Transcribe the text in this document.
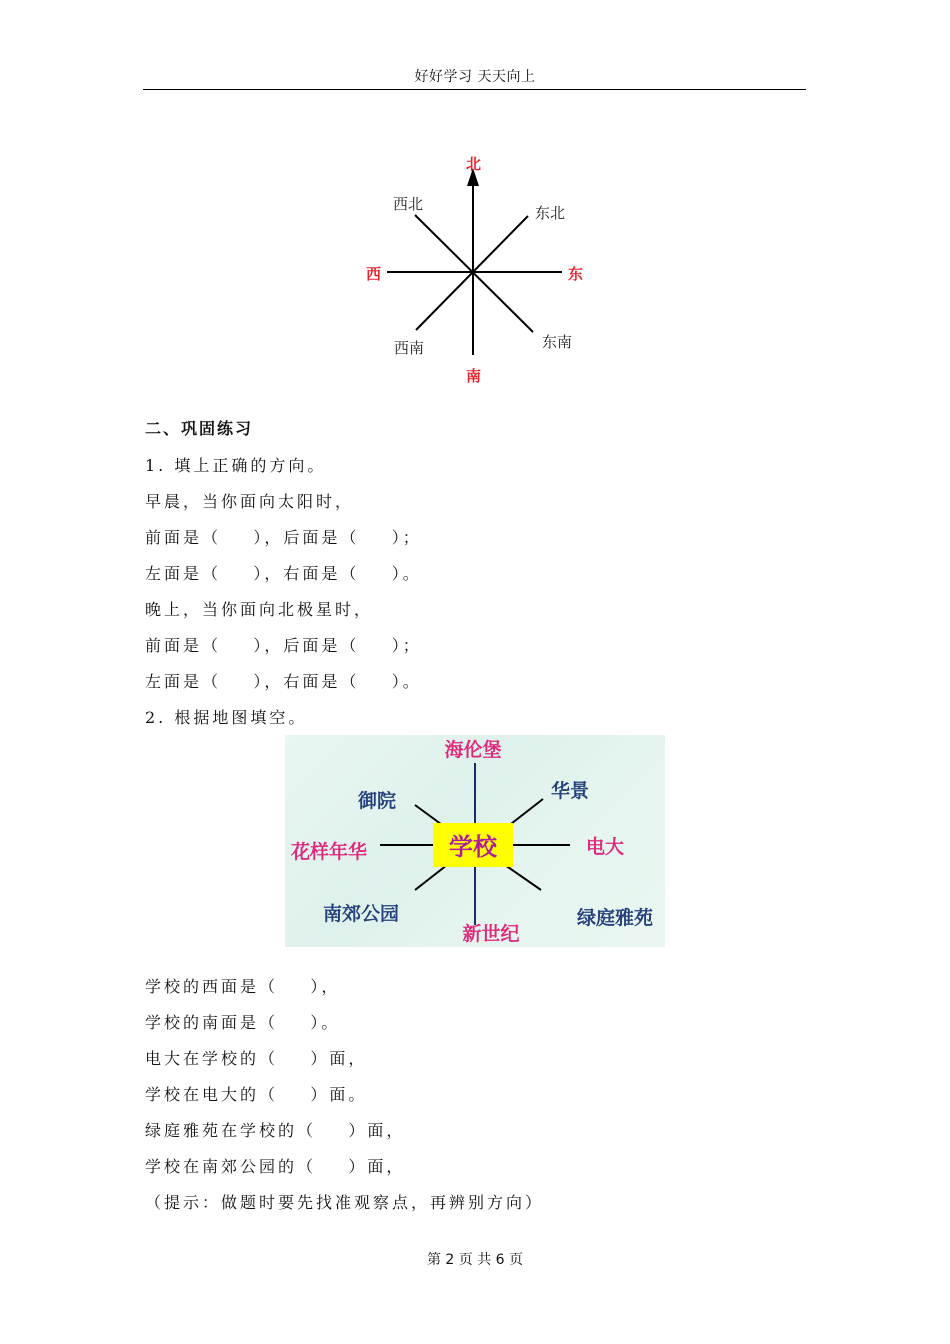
好好学习 天天向上
北
南
东
西
西北	东北
西南	东南
二、巩固练习
1. 填上正确的方向。
早晨，当你面向太阳时，
前面是（    ），后面是（    ）；
左面是（    ），右面是（    ）。
晚上，当你面向北极星时，
前面是（    ），后面是（    ）；
左面是（    ），右面是（    ）。
2. 根据地图填空。
学校
海伦堡
华景
电大
绿庭雅苑
新世纪
南郊公园
花样年华
御院
学校的西面是（    ），
学校的南面是（    ）。
电大在学校的（    ）面，
学校在电大的（    ）面。
绿庭雅苑在学校的（    ）面，
学校在南郊公园的（    ）面，
（提示：做题时要先找准观察点，再辨别方向）
第 2 页 共 6 页
